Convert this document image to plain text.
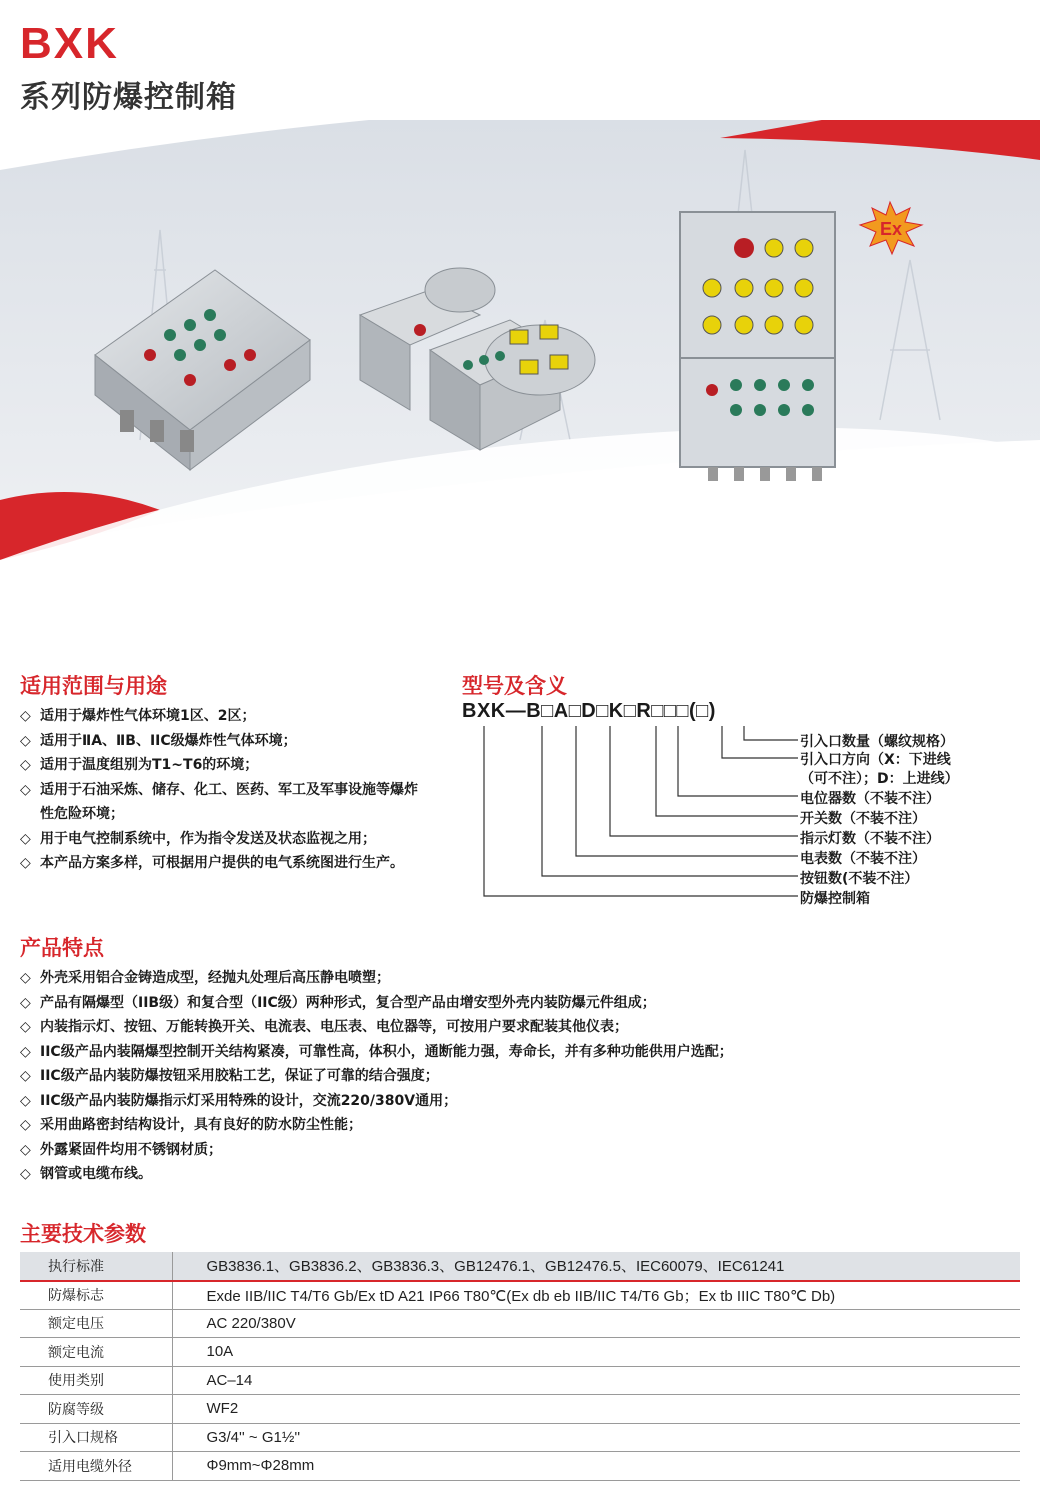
BXK
系列防爆控制箱
Ex
适用范围与用途
◇ 适用于爆炸性气体环境1区、2区；
◇ 适用于ⅡA、ⅡB、IIC级爆炸性气体环境；
◇ 适用于温度组别为T1~T6的环境；
◇ 适用于石油采炼、储存、化工、医药、军工及军事设施等爆炸性危险环境；
◇ 用于电气控制系统中，作为指令发送及状态监视之用；
◇ 本产品方案多样，可根据用户提供的电气系统图进行生产。
型号及含义
BXK—B□A□D□K□R□□□(□)
引入口数量（螺纹规格）
引入口方向（X：下进线
（可不注）；D：上进线）
电位器数（不装不注）
开关数（不装不注）
指示灯数（不装不注）
电表数（不装不注）
按钮数(不装不注）
防爆控制箱
产品特点
◇ 外壳采用铝合金铸造成型，经抛丸处理后高压静电喷塑；
◇ 产品有隔爆型（IIB级）和复合型（IIC级）两种形式，复合型产品由增安型外壳内装防爆元件组成；
◇ 内装指示灯、按钮、万能转换开关、电流表、电压表、电位器等，可按用户要求配装其他仪表；
◇ IIC级产品内装隔爆型控制开关结构紧凑，可靠性高，体积小，通断能力强，寿命长，并有多种功能供用户选配；
◇ IIC级产品内装防爆按钮采用胶粘工艺，保证了可靠的结合强度；
◇ IIC级产品内装防爆指示灯采用特殊的设计，交流220/380V通用；
◇ 采用曲路密封结构设计，具有良好的防水防尘性能；
◇ 外露紧固件均用不锈钢材质；
◇ 钢管或电缆布线。
主要技术参数
执行标准	GB3836.1、GB3836.2、GB3836.3、GB12476.1、GB12476.5、IEC60079、IEC61241
防爆标志	Exde IIB/IIC T4/T6 Gb/Ex tD A21 IP66 T80℃(Ex db eb IIB/IIC T4/T6 Gb；Ex tb IIIC T80℃ Db)
额定电压	AC 220/380V
额定电流	10A
使用类别	AC–14
防腐等级	WF2
引入口规格	G3/4'' ~ G1½''
适用电缆外径	Φ9mm~Φ28mm
